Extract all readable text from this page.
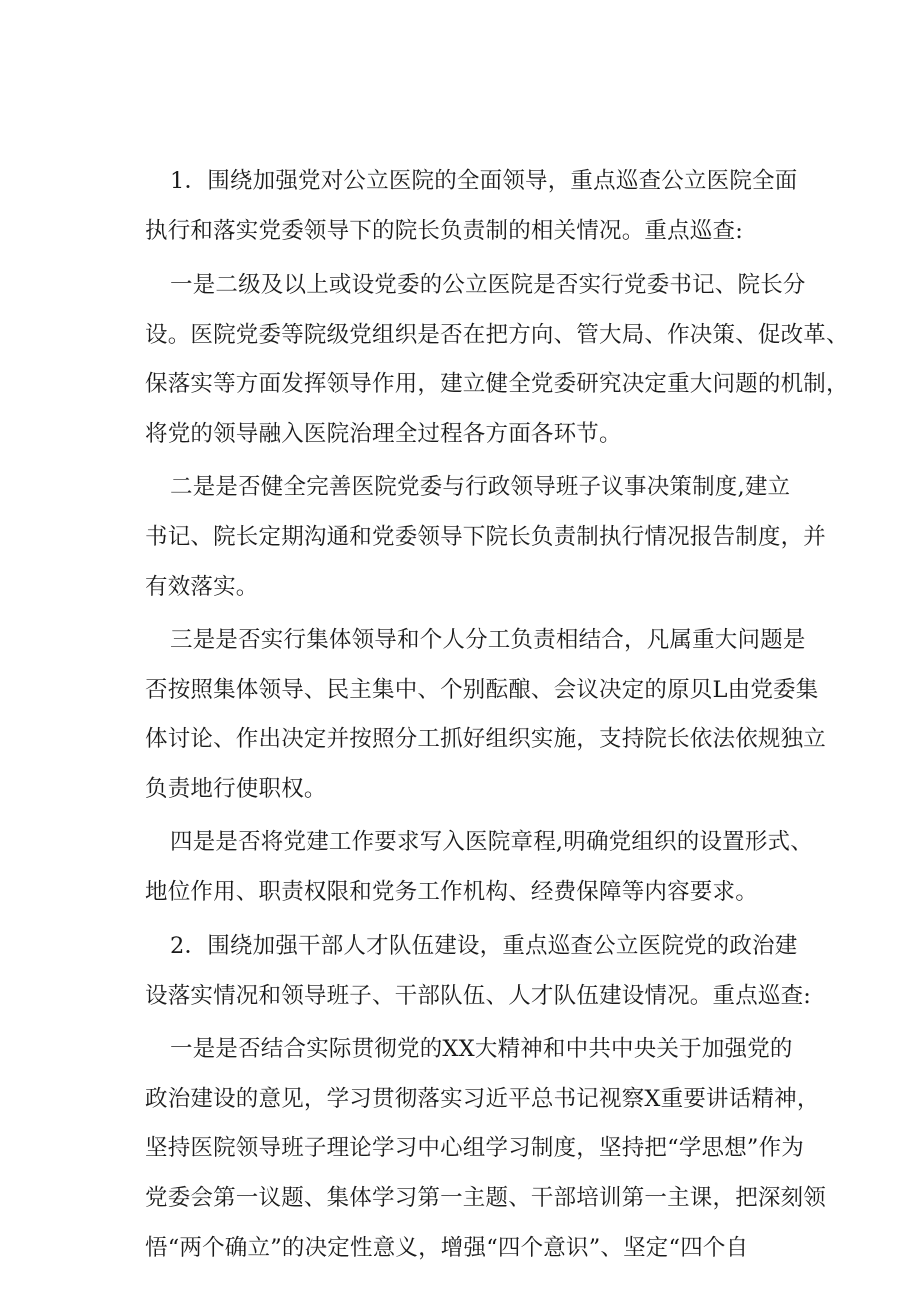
1．围绕加强党对公立医院的全面领导，重点巡查公立医院全面
执行和落实党委领导下的院长负责制的相关情况。重点巡查:
一是二级及以上或设党委的公立医院是否实行党委书记、院长分
设。医院党委等院级党组织是否在把方向、管大局、作决策、促改革、
保落实等方面发挥领导作用，建立健全党委研究决定重大问题的机制，
将党的领导融入医院治理全过程各方面各环节。
二是是否健全完善医院党委与行政领导班子议事决策制度,建立
书记、院长定期沟通和党委领导下院长负责制执行情况报告制度，并
有效落实。
三是是否实行集体领导和个人分工负责相结合，凡属重大问题是
否按照集体领导、民主集中、个别酝酿、会议决定的原贝L由党委集
体讨论、作出决定并按照分工抓好组织实施，支持院长依法依规独立
负责地行使职权。
四是是否将党建工作要求写入医院章程,明确党组织的设置形式、
地位作用、职责权限和党务工作机构、经费保障等内容要求。
2．围绕加强干部人才队伍建设，重点巡查公立医院党的政治建
设落实情况和领导班子、干部队伍、人才队伍建设情况。重点巡查:
一是是否结合实际贯彻党的XX大精神和中共中央关于加强党的
政治建设的意见，学习贯彻落实习近平总书记视察X重要讲话精神，
坚持医院领导班子理论学习中心组学习制度，坚持把“学思想”作为
党委会第一议题、集体学习第一主题、干部培训第一主课，把深刻领
悟“两个确立”的决定性意义，增强“四个意识”、坚定“四个自
